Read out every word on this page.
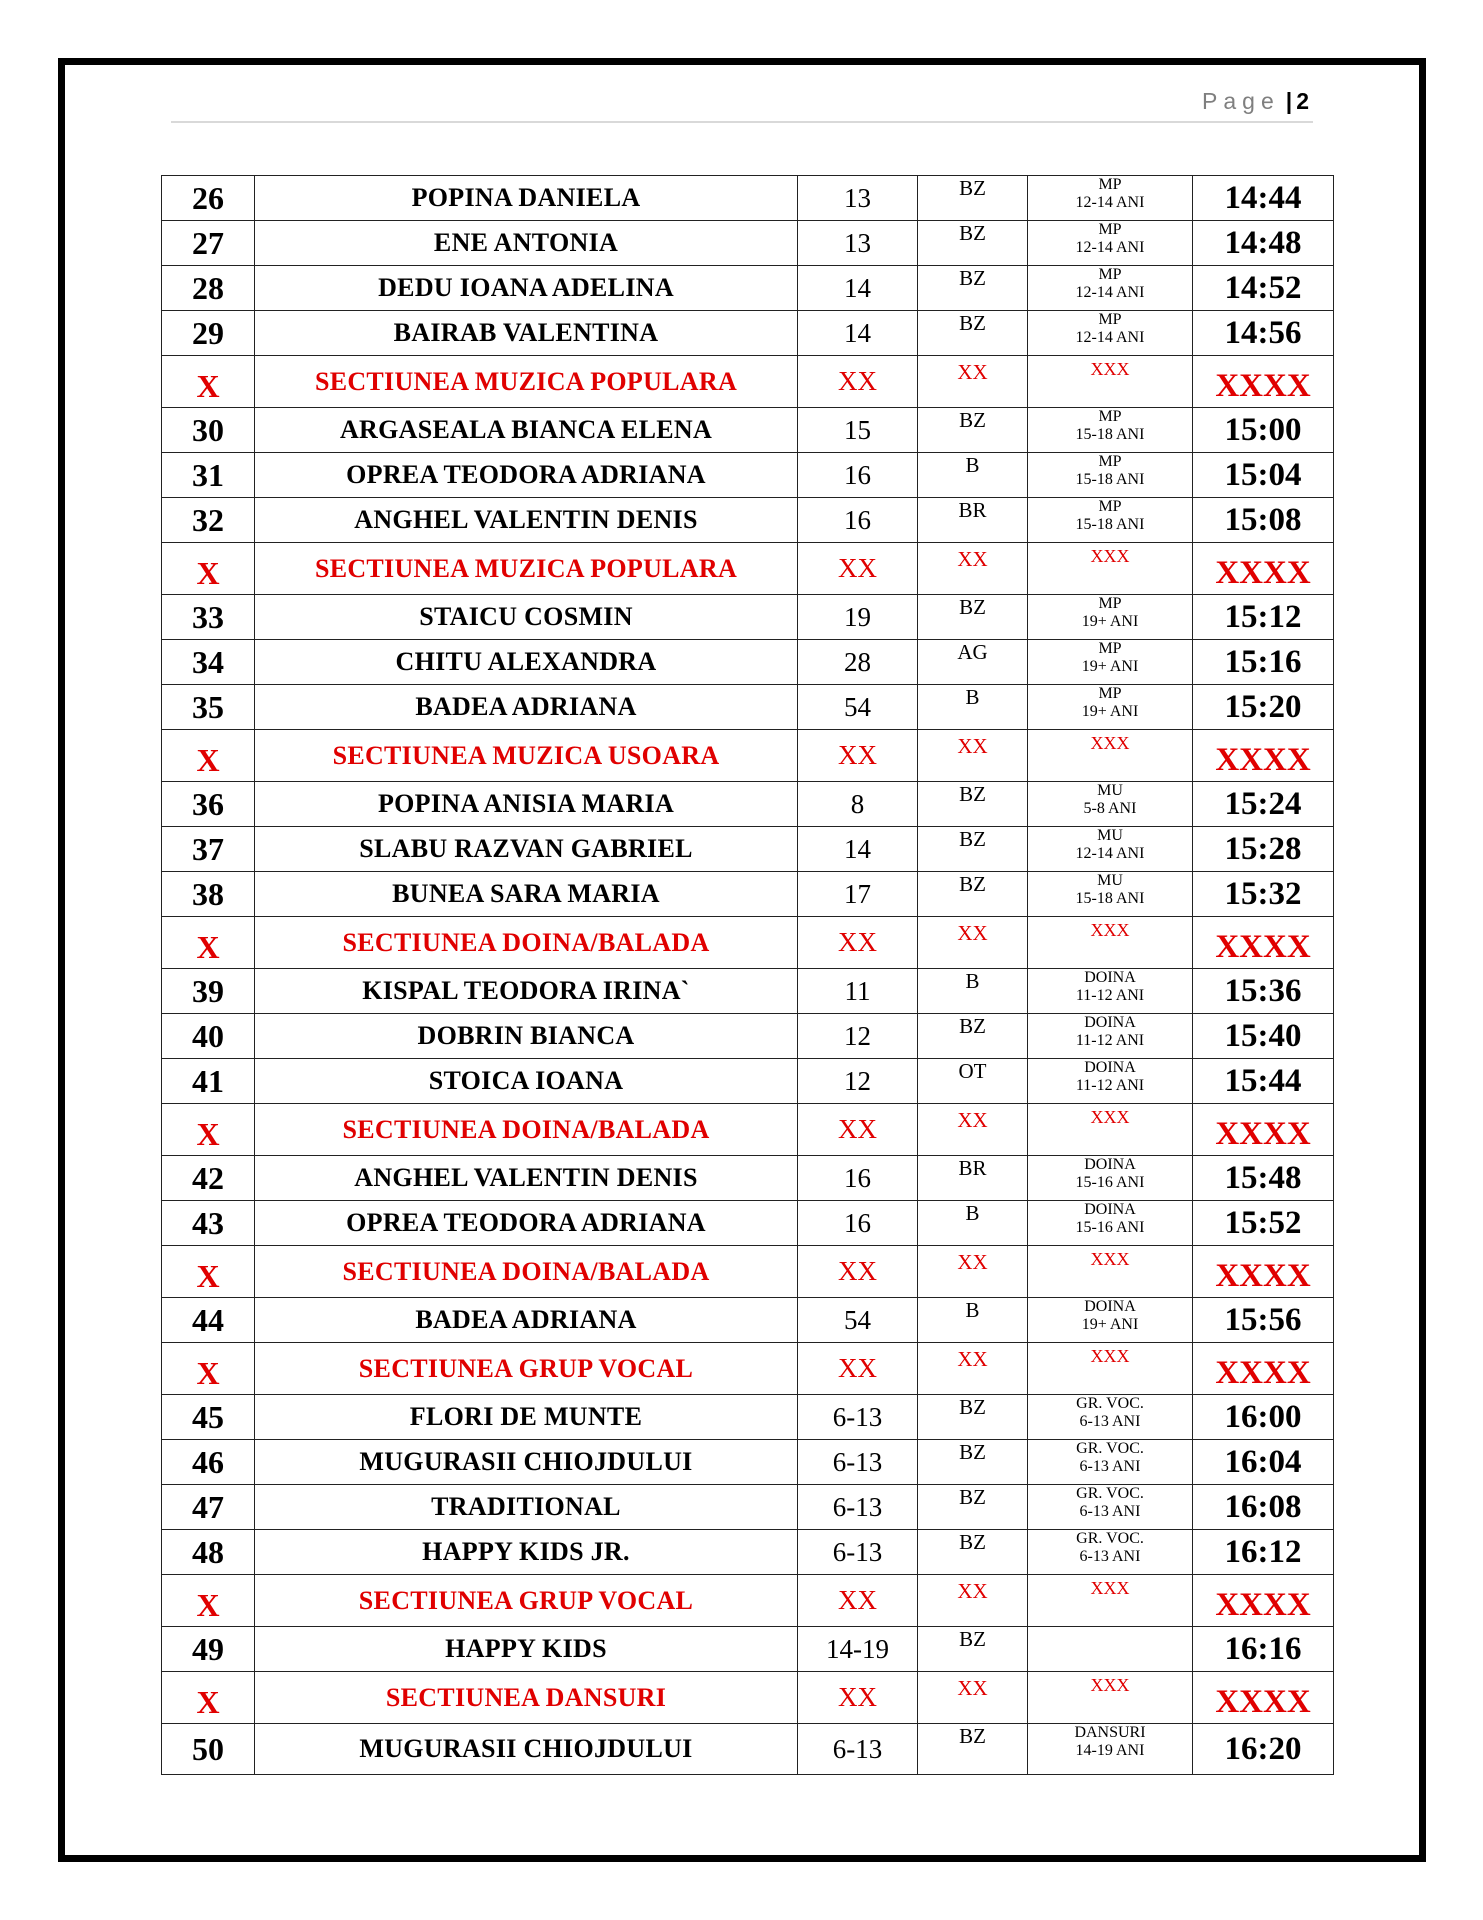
Page | 2
26	POPINA DANIELA	13	BZ	MP
12-14 ANI	14:44
27	ENE ANTONIA	13	BZ	MP
12-14 ANI	14:48
28	DEDU IOANA ADELINA	14	BZ	MP
12-14 ANI	14:52
29	BAIRAB VALENTINA	14	BZ	MP
12-14 ANI	14:56
X	SECTIUNEA MUZICA POPULARA	XX	XX	XXX	XXXX
30	ARGASEALA BIANCA ELENA	15	BZ	MP
15-18 ANI	15:00
31	OPREA TEODORA ADRIANA	16	B	MP
15-18 ANI	15:04
32	ANGHEL VALENTIN DENIS	16	BR	MP
15-18 ANI	15:08
X	SECTIUNEA MUZICA POPULARA	XX	XX	XXX	XXXX
33	STAICU COSMIN	19	BZ	MP
19+ ANI	15:12
34	CHITU ALEXANDRA	28	AG	MP
19+ ANI	15:16
35	BADEA ADRIANA	54	B	MP
19+ ANI	15:20
X	SECTIUNEA MUZICA USOARA	XX	XX	XXX	XXXX
36	POPINA ANISIA MARIA	8	BZ	MU
5-8 ANI	15:24
37	SLABU RAZVAN GABRIEL	14	BZ	MU
12-14 ANI	15:28
38	BUNEA SARA MARIA	17	BZ	MU
15-18 ANI	15:32
X	SECTIUNEA DOINA/BALADA	XX	XX	XXX	XXXX
39	KISPAL TEODORA IRINA`	11	B	DOINA
11-12 ANI	15:36
40	DOBRIN BIANCA	12	BZ	DOINA
11-12 ANI	15:40
41	STOICA IOANA	12	OT	DOINA
11-12 ANI	15:44
X	SECTIUNEA DOINA/BALADA	XX	XX	XXX	XXXX
42	ANGHEL VALENTIN DENIS	16	BR	DOINA
15-16 ANI	15:48
43	OPREA TEODORA ADRIANA	16	B	DOINA
15-16 ANI	15:52
X	SECTIUNEA DOINA/BALADA	XX	XX	XXX	XXXX
44	BADEA ADRIANA	54	B	DOINA
19+ ANI	15:56
X	SECTIUNEA GRUP VOCAL	XX	XX	XXX	XXXX
45	FLORI DE MUNTE	6-13	BZ	GR. VOC.
6-13 ANI	16:00
46	MUGURASII CHIOJDULUI	6-13	BZ	GR. VOC.
6-13 ANI	16:04
47	TRADITIONAL	6-13	BZ	GR. VOC.
6-13 ANI	16:08
48	HAPPY KIDS JR.	6-13	BZ	GR. VOC.
6-13 ANI	16:12
X	SECTIUNEA GRUP VOCAL	XX	XX	XXX	XXXX
49	HAPPY KIDS	14-19	BZ		16:16
X	SECTIUNEA DANSURI	XX	XX	XXX	XXXX
50	MUGURASII CHIOJDULUI	6-13	BZ	DANSURI
14-19 ANI	16:20
